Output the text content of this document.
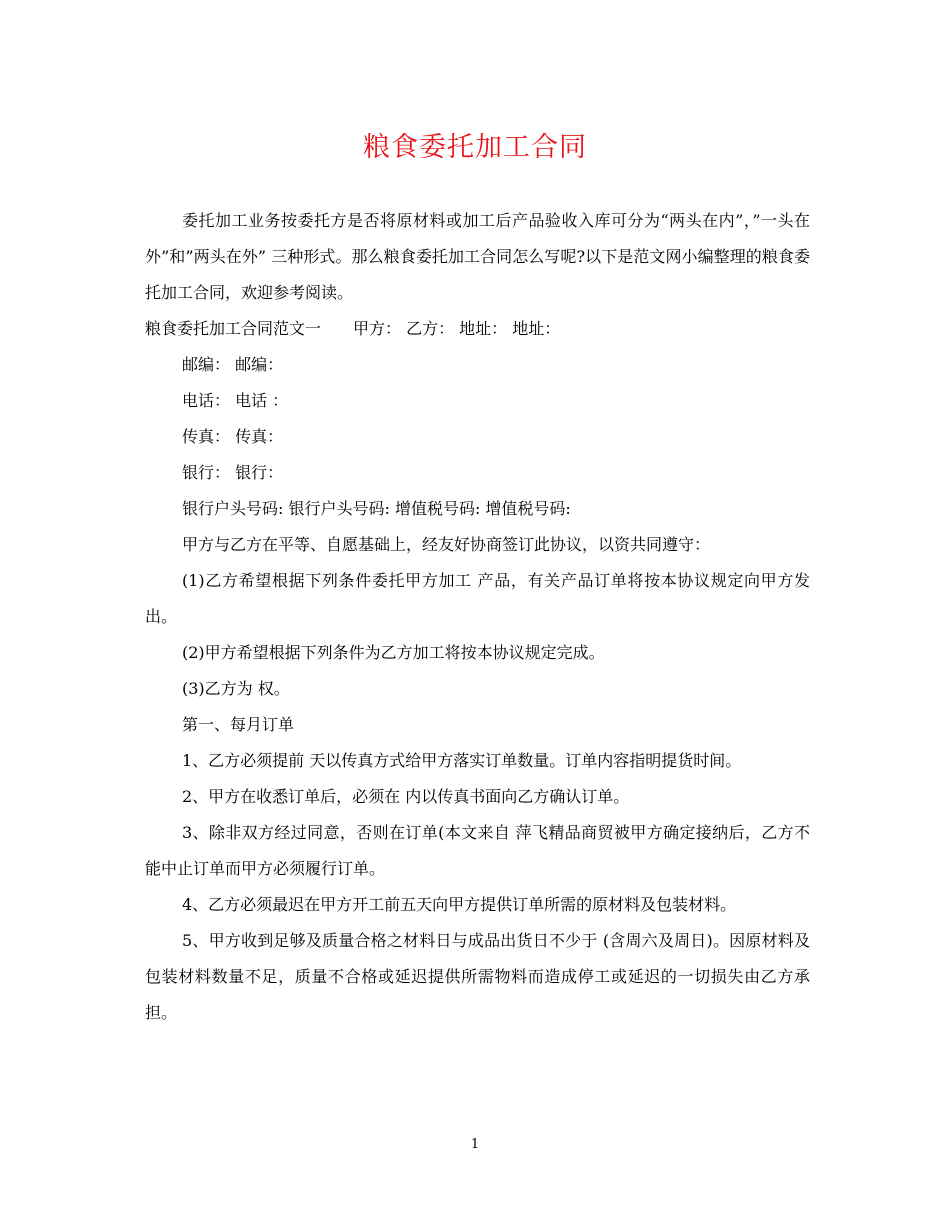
粮食委托加工合同

委托加工业务按委托方是否将原材料或加工后产品验收入库可分为“两头在内”，”一头在外”和”两头在外” 三种形式。那么粮食委托加工合同怎么写呢?以下是范文网小编整理的粮食委托加工合同，欢迎参考阅读。

粮食委托加工合同范文一　　甲方： 乙方： 地址： 地址：

邮编： 邮编：

电话： 电话 ：

传真： 传真：

银行： 银行：

银行户头号码: 银行户头号码: 增值税号码: 增值税号码:

甲方与乙方在平等、自愿基础上，经友好协商签订此协议，以资共同遵守：

(1)乙方希望根据下列条件委托甲方加工 产品，有关产品订单将按本协议规定向甲方发出。

(2)甲方希望根据下列条件为乙方加工将按本协议规定完成。

(3)乙方为 权。

第一、每月订单

1、乙方必须提前 天以传真方式给甲方落实订单数量。订单内容指明提货时间。

2、甲方在收悉订单后，必须在 内以传真书面向乙方确认订单。

3、除非双方经过同意，否则在订单(本文来自 萍飞精品商贸被甲方确定接纳后，乙方不能中止订单而甲方必须履行订单。

4、乙方必须最迟在甲方开工前五天向甲方提供订单所需的原材料及包装材料。

5、甲方收到足够及质量合格之材料日与成品出货日不少于 (含周六及周日)。因原材料及包装材料数量不足，质量不合格或延迟提供所需物料而造成停工或延迟的一切损失由乙方承担。

1
